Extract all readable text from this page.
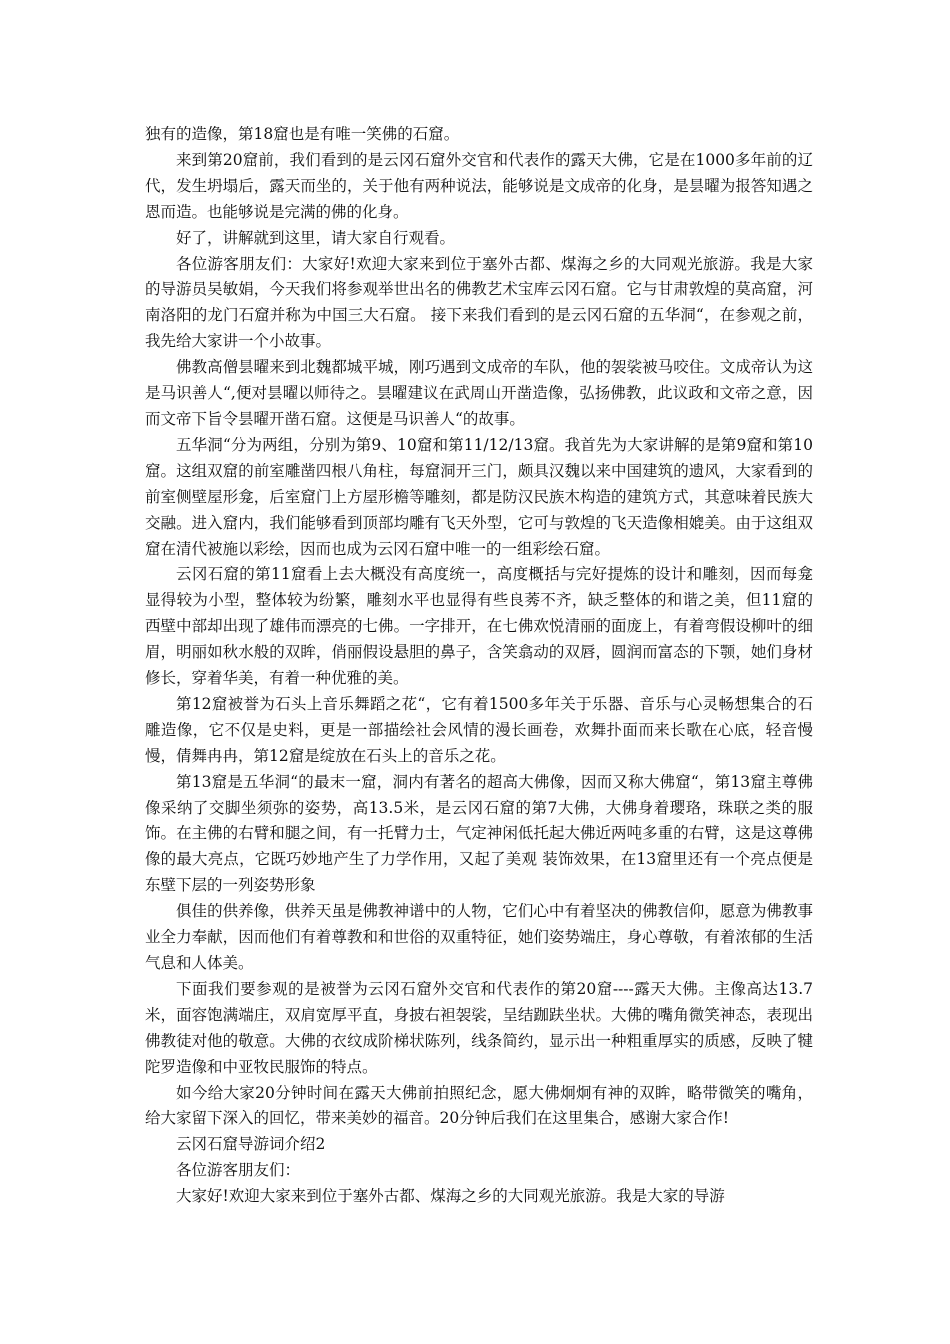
独有的造像，第18窟也是有唯一笑佛的石窟。

来到第20窟前，我们看到的是云冈石窟外交官和代表作的露天大佛，它是在1000多年前的辽代，发生坍塌后，露天而坐的，关于他有两种说法，能够说是文成帝的化身，是昙曜为报答知遇之恩而造。也能够说是完满的佛的化身。

好了，讲解就到这里，请大家自行观看。

各位游客朋友们：大家好!欢迎大家来到位于塞外古都、煤海之乡的大同观光旅游。我是大家的导游员吴敏娟，今天我们将参观举世出名的佛教艺术宝库云冈石窟。它与甘肃敦煌的莫高窟，河南洛阳的龙门石窟并称为中国三大石窟。 接下来我们看到的是云冈石窟的五华洞“，在参观之前，我先给大家讲一个小故事。

佛教高僧昙曜来到北魏都城平城，刚巧遇到文成帝的车队，他的袈裟被马咬住。文成帝认为这是马识善人“,便对昙曜以师待之。昙曜建议在武周山开凿造像，弘扬佛教，此议政和文帝之意，因而文帝下旨令昙曜开凿石窟。这便是马识善人“的故事。

五华洞“分为两组，分别为第9、10窟和第11/12/13窟。我首先为大家讲解的是第9窟和第10窟。这组双窟的前室雕凿四根八角柱，每窟洞开三门，颇具汉魏以来中国建筑的遗风，大家看到的前室侧壁屋形龛，后室窟门上方屋形檐等雕刻，都是防汉民族木构造的建筑方式，其意味着民族大交融。进入窟内，我们能够看到顶部均雕有飞天外型，它可与敦煌的飞天造像相媲美。由于这组双窟在清代被施以彩绘，因而也成为云冈石窟中唯一的一组彩绘石窟。

云冈石窟的第11窟看上去大概没有高度统一，高度概括与完好提炼的设计和雕刻，因而每龛显得较为小型，整体较为纷繁，雕刻水平也显得有些良莠不齐，缺乏整体的和谐之美，但11窟的西壁中部却出现了雄伟而漂亮的七佛。一字排开，在七佛欢悦清丽的面庞上，有着弯假设柳叶的细眉，明丽如秋水般的双眸，俏丽假设悬胆的鼻子，含笑翕动的双唇，圆润而富态的下颚，她们身材修长，穿着华美，有着一种优雅的美。

第12窟被誉为石头上音乐舞蹈之花“，它有着1500多年关于乐器、音乐与心灵畅想集合的石雕造像，它不仅是史料，更是一部描绘社会风情的漫长画卷，欢舞扑面而来长歌在心底，轻音慢慢，倩舞冉冉，第12窟是绽放在石头上的音乐之花。

第13窟是五华洞“的最末一窟，洞内有著名的超高大佛像，因而又称大佛窟“，第13窟主尊佛像采纳了交脚坐须弥的姿势，高13.5米，是云冈石窟的第7大佛，大佛身着璎珞，珠联之类的服饰。在主佛的右臂和腿之间，有一托臂力士，气定神闲低托起大佛近两吨多重的右臂，这是这尊佛像的最大亮点，它既巧妙地产生了力学作用，又起了美观 装饰效果，在13窟里还有一个亮点便是东壁下层的一列姿势形象

俱佳的供养像，供养天虽是佛教神谱中的人物，它们心中有着坚决的佛教信仰，愿意为佛教事业全力奉献，因而他们有着尊教和和世俗的双重特征，她们姿势端庄，身心尊敬，有着浓郁的生活气息和人体美。

下面我们要参观的是被誉为云冈石窟外交官和代表作的第20窟----露天大佛。主像高达13.7米，面容饱满端庄，双肩宽厚平直，身披右袒袈裟，呈结跏趺坐状。大佛的嘴角微笑神态，表现出佛教徒对他的敬意。大佛的衣纹成阶梯状陈列，线条简约，显示出一种粗重厚实的质感，反映了犍陀罗造像和中亚牧民服饰的特点。

如今给大家20分钟时间在露天大佛前拍照纪念，愿大佛炯炯有神的双眸，略带微笑的嘴角，给大家留下深入的回忆，带来美妙的福音。20分钟后我们在这里集合，感谢大家合作!

云冈石窟导游词介绍2

各位游客朋友们：

大家好!欢迎大家来到位于塞外古都、煤海之乡的大同观光旅游。我是大家的导游
